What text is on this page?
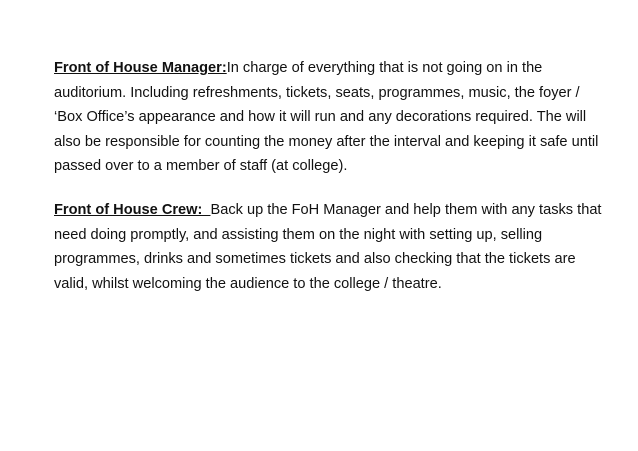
Front of House Manager:In charge of everything that is not going on in the
auditorium. Including refreshments, tickets, seats, programmes, music, the foyer /
‘Box Office’s appearance and how it will run and any decorations required. The will
also be responsible for counting the money after the interval and keeping it safe until
passed over to a member of staff (at college).
Front of House Crew:  Back up the FoH Manager and help them with any tasks that
need doing promptly, and assisting them on the night with setting up, selling
programmes, drinks and sometimes tickets and also checking that the tickets are
valid, whilst welcoming the audience to the college / theatre.
